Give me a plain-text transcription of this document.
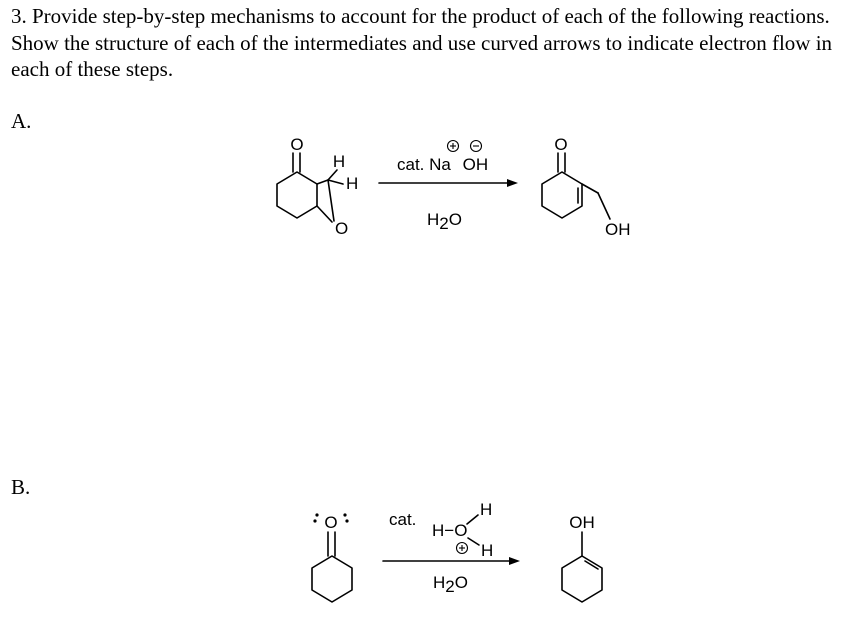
3. Provide step-by-step mechanisms to account for the product of each of the following reactions. Show the structure of each of the intermediates and use curved arrows to indicate electron flow in each of these steps.

A.

B.

O
H
H
O
cat. Na OH
H2O
O
OH
O	cat.
H
H−O
H
H2O
OH
